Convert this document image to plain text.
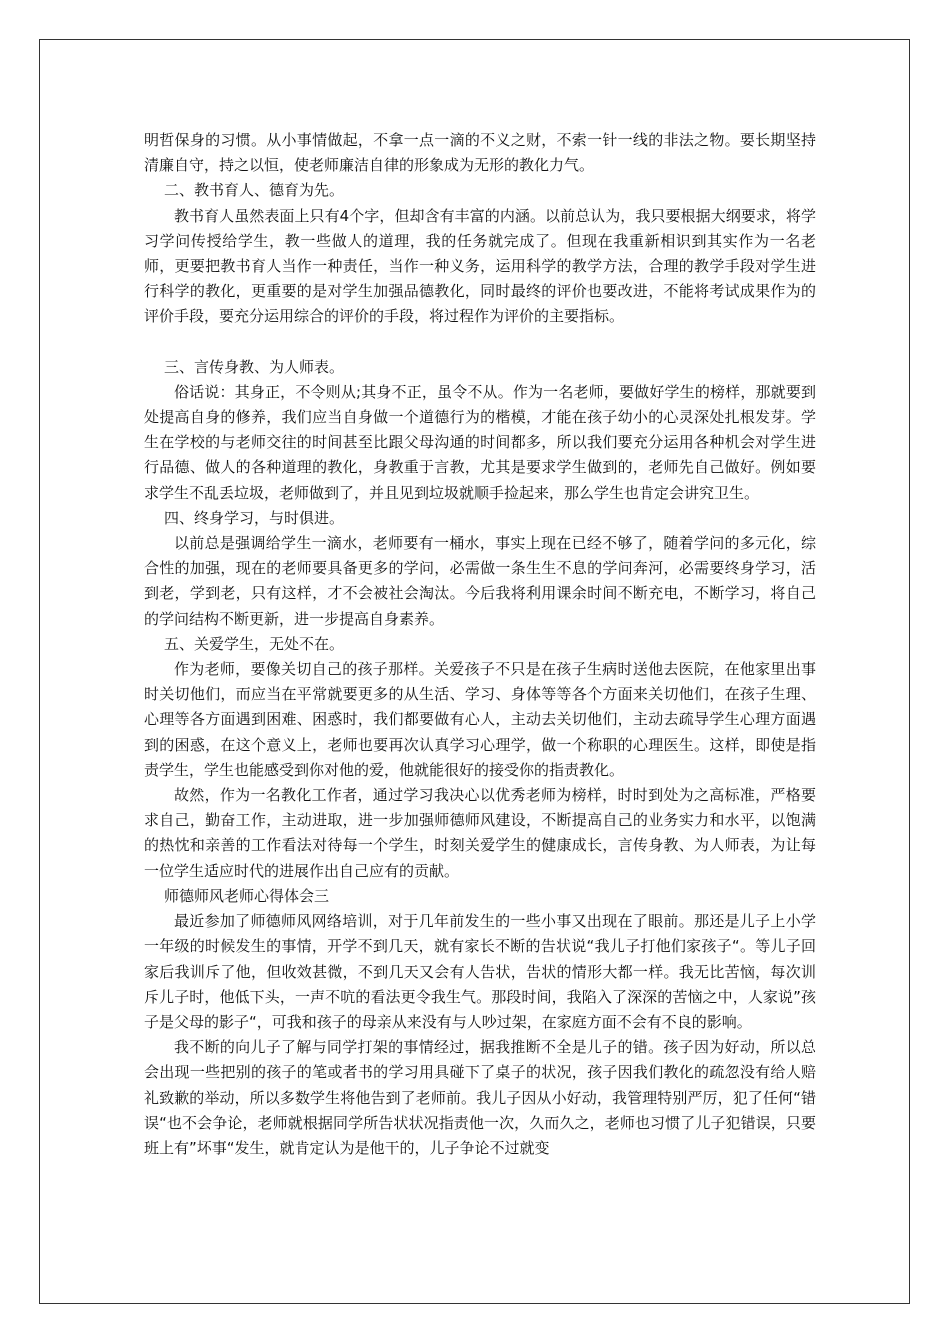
明哲保身的习惯。从小事情做起，不拿一点一滴的不义之财，不索一针一线的非法之物。要长期坚持清廉自守，持之以恒，使老师廉洁自律的形象成为无形的教化力气。

二、教书育人、德育为先。

教书育人虽然表面上只有4个字，但却含有丰富的内涵。以前总认为，我只要根据大纲要求，将学习学问传授给学生，教一些做人的道理，我的任务就完成了。但现在我重新相识到其实作为一名老师，更要把教书育人当作一种责任，当作一种义务，运用科学的教学方法，合理的教学手段对学生进行科学的教化，更重要的是对学生加强品德教化，同时最终的评价也要改进，不能将考试成果作为的评价手段，要充分运用综合的评价的手段，将过程作为评价的主要指标。

三、言传身教、为人师表。

俗话说：其身正，不令则从;其身不正，虽令不从。作为一名老师，要做好学生的榜样，那就要到处提高自身的修养，我们应当自身做一个道德行为的楷模，才能在孩子幼小的心灵深处扎根发芽。学生在学校的与老师交往的时间甚至比跟父母沟通的时间都多，所以我们要充分运用各种机会对学生进行品德、做人的各种道理的教化，身教重于言教，尤其是要求学生做到的，老师先自己做好。例如要求学生不乱丢垃圾，老师做到了，并且见到垃圾就顺手捡起来，那么学生也肯定会讲究卫生。

四、终身学习，与时俱进。

以前总是强调给学生一滴水，老师要有一桶水，事实上现在已经不够了，随着学问的多元化，综合性的加强，现在的老师要具备更多的学问，必需做一条生生不息的学问奔河，必需要终身学习，活到老，学到老，只有这样，才不会被社会淘汰。今后我将利用课余时间不断充电，不断学习，将自己的学问结构不断更新，进一步提高自身素养。

五、关爱学生，无处不在。

作为老师，要像关切自己的孩子那样。关爱孩子不只是在孩子生病时送他去医院，在他家里出事时关切他们，而应当在平常就要更多的从生活、学习、身体等等各个方面来关切他们，在孩子生理、心理等各方面遇到困难、困惑时，我们都要做有心人，主动去关切他们，主动去疏导学生心理方面遇到的困惑，在这个意义上，老师也要再次认真学习心理学，做一个称职的心理医生。这样，即使是指责学生，学生也能感受到你对他的爱，他就能很好的接受你的指责教化。

故然，作为一名教化工作者，通过学习我决心以优秀老师为榜样，时时到处为之高标准，严格要求自己，勤奋工作，主动进取，进一步加强师德师风建设，不断提高自己的业务实力和水平，以饱满的热忱和亲善的工作看法对待每一个学生，时刻关爱学生的健康成长，言传身教、为人师表，为让每一位学生适应时代的进展作出自己应有的贡献。

师德师风老师心得体会三

最近参加了师德师风网络培训，对于几年前发生的一些小事又出现在了眼前。那还是儿子上小学一年级的时候发生的事情，开学不到几天，就有家长不断的告状说“我儿子打他们家孩子“。等儿子回家后我训斥了他，但收效甚微，不到几天又会有人告状，告状的情形大都一样。我无比苦恼，每次训斥儿子时，他低下头，一声不吭的看法更令我生气。那段时间，我陷入了深深的苦恼之中，人家说”孩子是父母的影子“，可我和孩子的母亲从来没有与人吵过架，在家庭方面不会有不良的影响。

我不断的向儿子了解与同学打架的事情经过，据我推断不全是儿子的错。孩子因为好动，所以总会出现一些把别的孩子的笔或者书的学习用具碰下了桌子的状况，孩子因我们教化的疏忽没有给人赔礼致歉的举动，所以多数学生将他告到了老师前。我儿子因从小好动，我管理特别严厉，犯了任何“错误“也不会争论，老师就根据同学所告状状况指责他一次，久而久之，老师也习惯了儿子犯错误，只要班上有”坏事“发生，就肯定认为是他干的，儿子争论不过就变
